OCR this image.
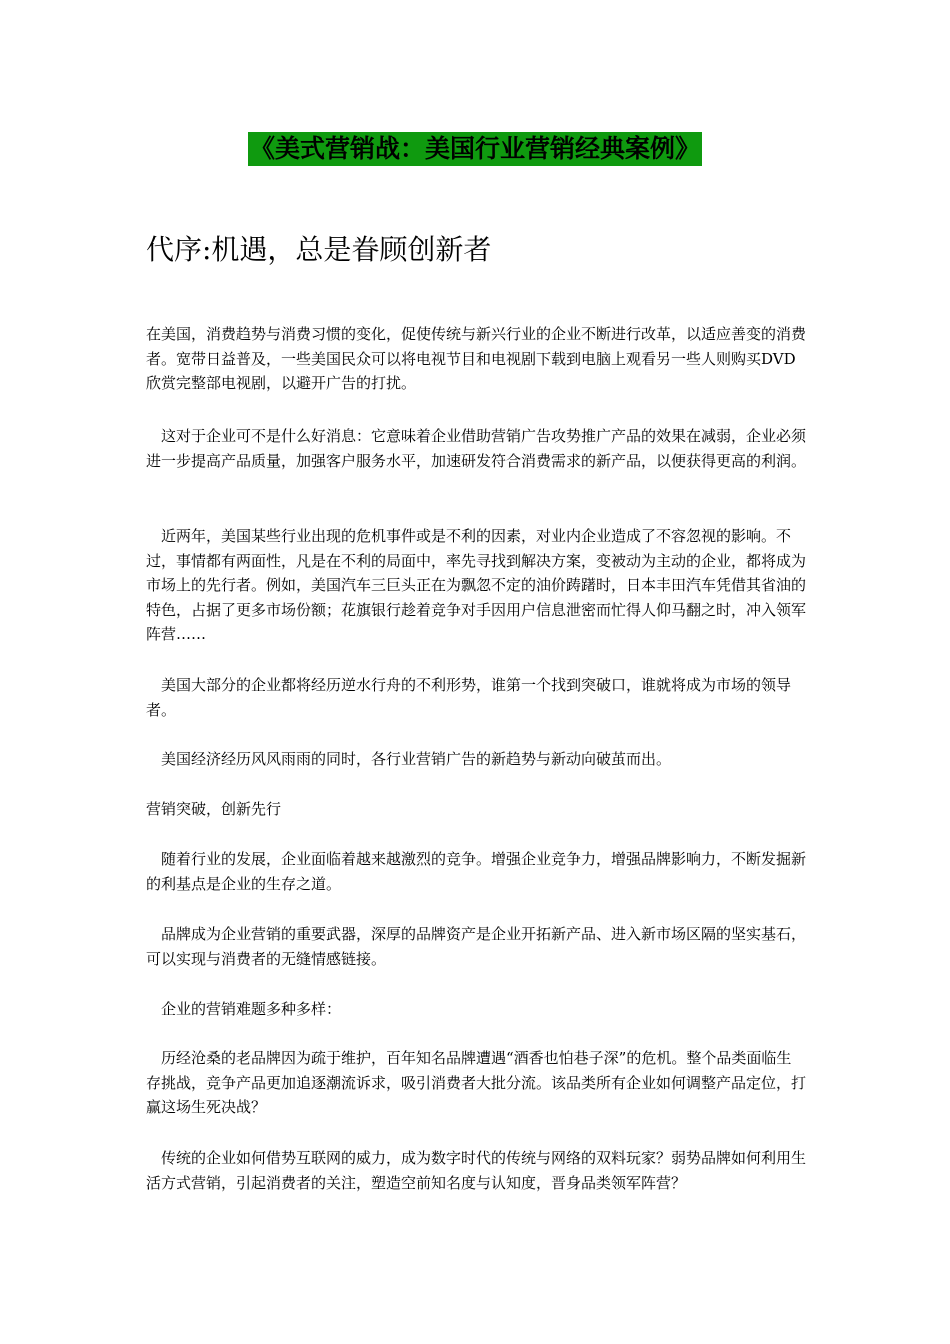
《美式营销战：美国行业营销经典案例》
代序:机遇，总是眷顾创新者

在美国，消费趋势与消费习惯的变化，促使传统与新兴行业的企业不断进行改革，以适应善变的消费者。宽带日益普及，一些美国民众可以将电视节目和电视剧下载到电脑上观看另一些人则购买DVD欣赏完整部电视剧，以避开广告的打扰。

这对于企业可不是什么好消息：它意味着企业借助营销广告攻势推广产品的效果在减弱，企业必须进一步提高产品质量，加强客户服务水平，加速研发符合消费需求的新产品，以便获得更高的利润。

近两年，美国某些行业出现的危机事件或是不利的因素，对业内企业造成了不容忽视的影响。不过，事情都有两面性，凡是在不利的局面中，率先寻找到解决方案，变被动为主动的企业，都将成为市场上的先行者。例如，美国汽车三巨头正在为飘忽不定的油价踌躇时，日本丰田汽车凭借其省油的特色，占据了更多市场份额；花旗银行趁着竞争对手因用户信息泄密而忙得人仰马翻之时，冲入领军阵营……

美国大部分的企业都将经历逆水行舟的不利形势，谁第一个找到突破口，谁就将成为市场的领导者。

美国经济经历风风雨雨的同时，各行业营销广告的新趋势与新动向破茧而出。

营销突破，创新先行

随着行业的发展，企业面临着越来越激烈的竞争。增强企业竞争力，增强品牌影响力，不断发掘新的利基点是企业的生存之道。

品牌成为企业营销的重要武器，深厚的品牌资产是企业开拓新产品、进入新市场区隔的坚实基石，可以实现与消费者的无缝情感链接。

企业的营销难题多种多样：

历经沧桑的老品牌因为疏于维护，百年知名品牌遭遇“酒香也怕巷子深”的危机。整个品类面临生存挑战，竞争产品更加追逐潮流诉求，吸引消费者大批分流。该品类所有企业如何调整产品定位，打赢这场生死决战？

传统的企业如何借势互联网的威力，成为数字时代的传统与网络的双料玩家？弱势品牌如何利用生活方式营销，引起消费者的关注，塑造空前知名度与认知度，晋身品类领军阵营？
